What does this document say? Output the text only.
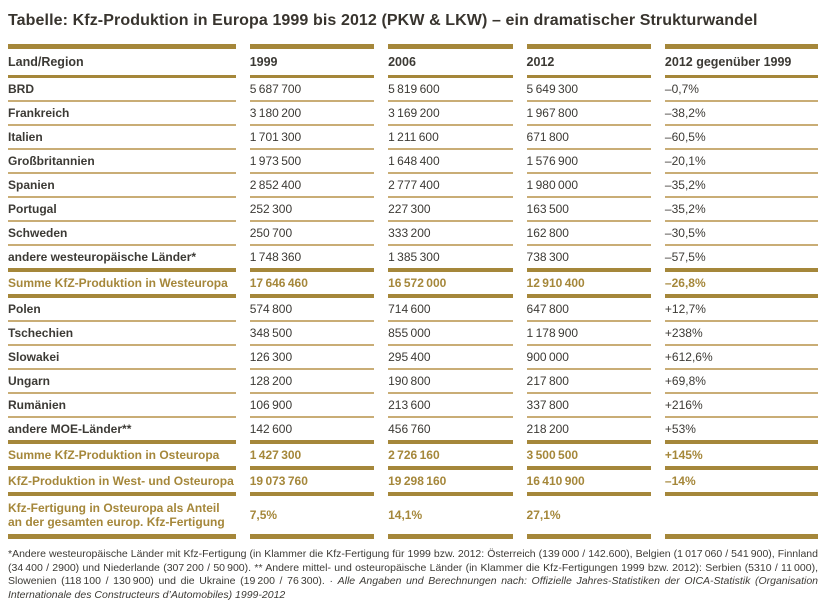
Tabelle: Kfz-Produktion in Europa 1999 bis 2012 (PKW & LKW) – ein dramatischer Strukturwandel
Land/Region	1999	2006	2012	2012 gegenüber 1999
BRD	5 687 700	5 819 600	5 649 300	–0,7%
Frankreich	3 180 200	3 169 200	1 967 800	–38,2%
Italien	1 701 300	1 211 600	671 800	–60,5%
Großbritannien	1 973 500	1 648 400	1 576 900	–20,1%
Spanien	2 852 400	2 777 400	1 980 000	–35,2%
Portugal	252 300	227 300	163 500	–35,2%
Schweden	250 700	333 200	162 800	–30,5%
andere westeuropäische Länder*	1 748 360	1 385 300	738 300	–57,5%
Summe KfZ-Produktion in Westeuropa	17 646 460	16 572 000	12 910 400	–26,8%
Polen	574 800	714 600	647 800	+12,7%
Tschechien	348 500	855 000	1 178 900	+238%
Slowakei	126 300	295 400	900 000	+612,6%
Ungarn	128 200	190 800	217 800	+69,8%
Rumänien	106 900	213 600	337 800	+216%
andere MOE-Länder**	142 600	456 760	218 200	+53%
Summe KfZ-Produktion in Osteuropa	1 427 300	2 726 160	3 500 500	+145%
KfZ-Produktion in West- und Osteuropa	19 073 760	19 298 160	16 410 900	–14%
Kfz-Fertigung in Osteuropa als Anteil an der gesamten europ. Kfz-Fertigung	7,5%	14,1%	27,1%	

*Andere westeuropäische Länder mit Kfz-Fertigung (in Klammer die Kfz-Fertigung für 1999 bzw. 2012: Österreich (139 000 / 142.600), Belgien (1 017 060 / 541 900), Finnland (34 400 / 2900) und Niederlande (307 200 / 50 900). ** Andere mittel- und osteuropäische Länder (in Klammer die Kfz-Fertigungen 1999 bzw. 2012): Serbien (5310 / 11 000), Slowenien (118 100 / 130 900) und die Ukraine (19 200 / 76 300). · Alle Angaben und Berechnungen nach: Offizielle Jahres-Statistiken der OICA-Statistik (Organisation Internationale des Constructeurs d’Automobiles) 1999-2012
